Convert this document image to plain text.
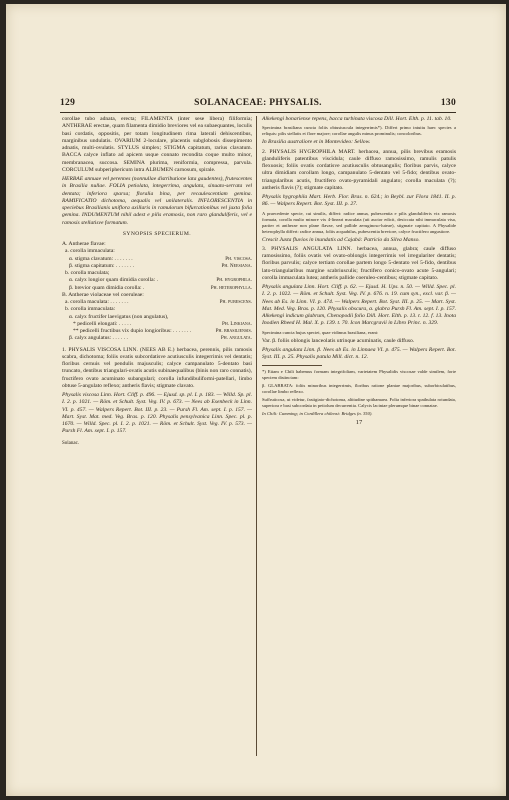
129	SOLANACEAE: PHYSALIS.	130

corollae tubo adnata, erecta; FILAMENTA (inter sese libera) filiformia; ANTHERAE erectae, quam filamenta dimidio breviores vel ea subaequantes, loculis basi cordatis, oppositis, per totam longitudinem rima laterali dehiscentibus, marginibus undulatis. OVARIUM 2-loculare, placentis subglobosis dissepimento adnatis, multi-ovulatis. STYLUS simplex; STIGMA capitatum, rarius clavatum. BACCA calyce inflato ad apicem usque connato recondita coque multo minor, membranacea, succosa. SEMINA plurima, reniformia, compressa, parvula. CORCULUM subperiphericum intra ALBUMEN carnosum, spirale.

HERBAE annuae vel perennes (nonnullae distributione lata gaudentes), frutescentes in Brasilia nullae. FOLIA petiolata, integerrima, angulata, sinuato-serrata vel dentata; inferiora sparsa; floralia bina, per recaulescentiam gemina. RAMIFICATIO dichotoma, aequalis vel unilateralis. INFLORESCENTIA in speciebus Brasilianis uniflora axillaris in ramulorum bifurcationibus vel juxta folia gemina. INDUMENTUM nihil adest e pilis eramosis, non raro glanduliferis, vel e ramosis stellatisve formatum.

SYNOPSIS SPECIERUM.
A. Antherae flavae:
a. corolla immaculata:
α. stigma clavatum: . . . . . . .	Ph. viscosa.
β. stigma capitatum: . . . . . . .	Ph. Neesiana.
b. corolla maculata;
α. calyx longior quam dimidia corolla: .	Ph. hygrophila.
β. brevior quam dimidia corolla: .	Ph. heterophylla.
B. Antherae violaceae vel coeruleae:
a. corolla maculata: . . . . . . .	Ph. pubescens.
b. corolla immaculata:
α. calyx fructifer laevigatus (non angulatus),
* pedicelli elongati: . . . . .	Ph. Linkiana.
** pedicelli fructibus vix dupio longioribus: . . . . . . .	Ph. brasiliensis.
β. calyx angulatus: . . . . . .	Ph. angulata.

1. PHYSALIS VISCOSA LINN. (NEES AB E.) herbacea, perennis, pilis ramosis scabra, dichotoma; foliis ovatis subcordatisve acutiusculis integerrimis vel dentatis; floribus cernuis vel pendulis majusculis; calyce campanulato 5-dentato basi truncato, dentibus triangulari-ovatis acutis subinaequalibus (binis non raro connatis), fructifero ovato acuminato subangulari; corolla infundibuliformi-patellari, limbo obtuse 5-angulato reflexo; antheris flavis; stigmate clavato.

Physalis viscosa Linn. Hort. Cliff. p. 496. — Ejusd. sp. pl. I. p. 183. — Willd. Sp. pl. I. 2. p. 1021. — Röm. et Schult. Syst. Veg. IV. p. 673. — Nees ab Esenbeck in Linn. VI. p. 457. — Walpers Repert. Bot. III. p. 23. — Pursh Fl. Am. sept. I. p. 157. — Mart. Syst. Mat. med. Veg. Bras. p. 120. Physalis pensylvanica Linn. Spec. pl. p. 1670. — Willd. Spec. pl. I. 2. p. 1021. — Röm. et Schult. Syst. Veg. IV. p. 573. — Pursh Fl. Am. sept. I. p. 157.

Solanac.

Alkekengi bonariense repens, bacca turbinata viscosa Dill. Hort. Elth. p. 11. tab. 10.

Specimina brasiliana cuncta foliis obtusiuscula integerrimis*). Differt primo intuitu haec species a reliquis: pilis stellatis et flore majore; corollae angulis minus prominulis; concoloribus.

In Brasilia australiore et in Montevideo: Sellow.

2. PHYSALIS HYGROPHILA MART. herbacea, annua, pilis brevibus eramosis glanduliferis patentibus viscidula; caule diffuso ramosissimo, ramulis patulis flexuosis; foliis ovatis cordatisve acutiusculis obtusangulis; floribus parvis, calyce ultra dimidiam corollam longo, campanulato 5-dentato vel 5-fido; dentibus ovato-triangularibus acutis, fructifero ovato-pyramidali angulato; corolla maculata (?); antheris flavis (?); stigmate capitato.

Physalis hygrophila Mart. Herb. Flor. Bras. n. 624.; in Beybl. zur Flora 1841. II. p. 86. — Walpers Repert. Bot. Syst. III. p. 27.

A praecedente specie, cui similis, differt: radice annua, pubescentia e pilis glanduliferis vix ramosis formata, corolla multo minore vix 4-lineari maculata (uti auctor edicit, desiccata nihi immaculata visa, pariter et antherae non plane flavae, sed pallide aeruginoso-luteae), stigmate capitato. A Physalide heterophylla differt: radice annua, foliis acquabilus, pubescentia breviore, calyce fructifero angustiore.

Crescit Juxta fluvios in inundatis ad Cajabá: Patricio da Silva Manso.

3. PHYSALIS ANGULATA LINN. herbacea, annua, glabra; caule diffuso ramosissimo, foliis ovatis vel ovato-oblongis integerrimis vel irregulariter dentatis; floribus parvulis; calyce tertiam corollae partem longo 5-dentato vel 5-fido, dentibus lato-triangularibus margine scabriusculis; fructifero conico-ovato acute 5-angulari; corolla immaculata lutea; antheris pallide coeruleo-centibus; stigmate capitato.

Physalis angulata Linn. Hort. Cliff. p. 62. — Ejusd. H. Ups. n. 50. — Willd. Spec. pl. I. 2. p. 1022. — Röm. et Schult. Syst. Veg. IV. p. 676. n. 19. cum syn., excl. var. β. — Nees ab Es. in Linn. VI. p. 474. — Walpers Repert. Bot. Syst. III. p. 25. — Mart. Syst. Mat. Med. Veg. Bras. p. 120. Physalis obscura, α. glabra Pursh Fl. Am. sept. I. p. 157. Alkekengi indicum glabrum, Chenopodii folio Dill. Hort. Elth. p. 13. t. 12. f. 13. Inota Inodien Rheed H. Mal. X. p. 139. t. 70. Icon Marcgravii in Libro Princ. n. 329.

Specimina cuncta hujus speciei, quae vidimus brasiliana, erant:

Var. β. foliis oblongis lanceolatis utrinque acuminatis, caule diffuso.

Physalis angulata Linn. β. Nees ab Es. in Linnaea VI. p. 475. — Walpers Repert. Bot. Syst. III. p. 25. Physalis patula Mill. dict. n. 12.

*) Etiam e Chili habemus formam integrifoliam, varietatem Physalidis viscosae valde similem, forte speciem distinctam:

β. GLABRATA: foliis minoribus integerrimis, floribus ratione plantae majoribus, suborbiculatibus, corollae limbo reflexo.

Suffruticosa, ut videtur, fastigiato-dichotoma, altitudine spithamaea. Folia inferiora spathulata rotundata, superiora e basi subcordata in petiolum decurrentia. Calycis laciniae plerumque binae connatae.

In Chili: Cumming; in Cordillera chilensi: Bridges (n. 350).

17
